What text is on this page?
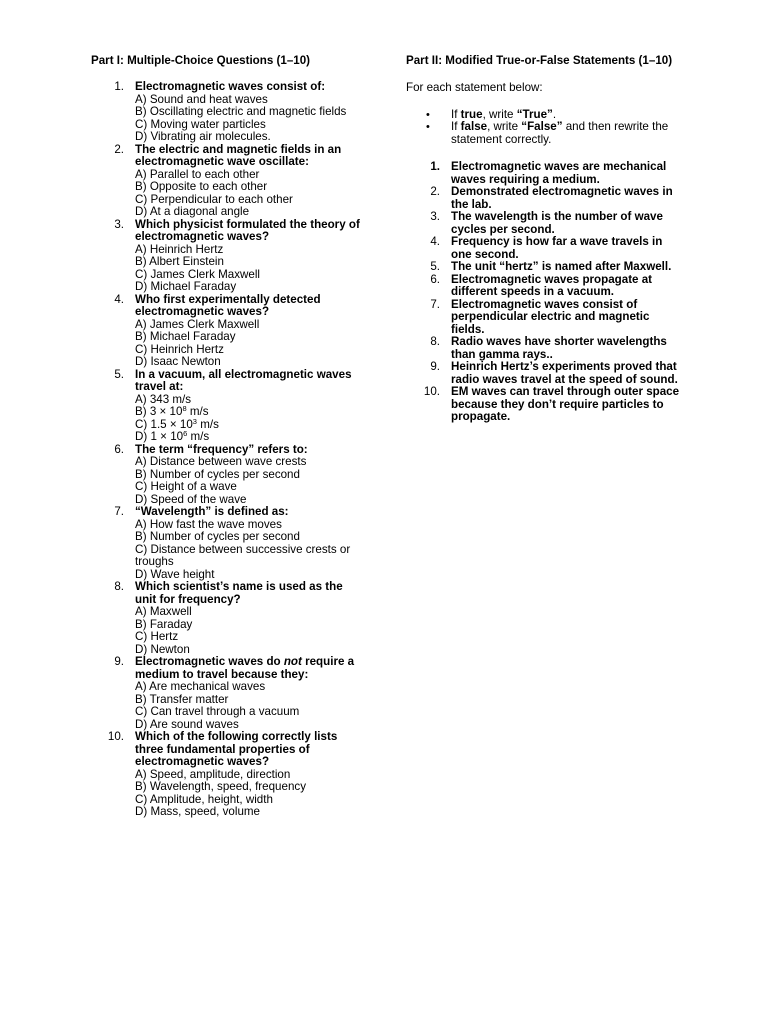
Part I: Multiple-Choice Questions (1–10)
1. Electromagnetic waves consist of:
A) Sound and heat waves
B) Oscillating electric and magnetic fields
C) Moving water particles
D) Vibrating air molecules.
2. The electric and magnetic fields in an electromagnetic wave oscillate:
A) Parallel to each other
B) Opposite to each other
C) Perpendicular to each other
D) At a diagonal angle
3. Which physicist formulated the theory of electromagnetic waves?
A) Heinrich Hertz
B) Albert Einstein
C) James Clerk Maxwell
D) Michael Faraday
4. Who first experimentally detected electromagnetic waves?
A) James Clerk Maxwell
B) Michael Faraday
C) Heinrich Hertz
D) Isaac Newton
5. In a vacuum, all electromagnetic waves travel at:
A) 343 m/s
B) $3 \times 10^8$ m/s
C) $1.5 \times 10^3$ m/s
D) $1 \times 10^6$ m/s
6. The term “frequency” refers to:
A) Distance between wave crests
B) Number of cycles per second
C) Height of a wave
D) Speed of the wave
7. “Wavelength” is defined as:
A) How fast the wave moves
B) Number of cycles per second
C) Distance between successive crests or troughs
D) Wave height
8. Which scientist’s name is used as the unit for frequency?
A) Maxwell
B) Faraday
C) Hertz
D) Newton
9. Electromagnetic waves do not require a medium to travel because they:
A) Are mechanical waves
B) Transfer matter
C) Can travel through a vacuum
D) Are sound waves
10. Which of the following correctly lists three fundamental properties of electromagnetic waves?
A) Speed, amplitude, direction
B) Wavelength, speed, frequency
C) Amplitude, height, width
D) Mass, speed, volume
Part II: Modified True-or-False Statements (1–10)

For each statement below:

• If true, write “True”.
• If false, write “False” and then rewrite the statement correctly.
1. Electromagnetic waves are mechanical waves requiring a medium.
2. Demonstrated electromagnetic waves in the lab.
3. The wavelength is the number of wave cycles per second.
4. Frequency is how far a wave travels in one second.
5. The unit “hertz” is named after Maxwell.
6. Electromagnetic waves propagate at different speeds in a vacuum.
7. Electromagnetic waves consist of perpendicular electric and magnetic fields.
8. Radio waves have shorter wavelengths than gamma rays..
9. Heinrich Hertz’s experiments proved that radio waves travel at the speed of sound.
10. EM waves can travel through outer space because they don’t require particles to propagate.
